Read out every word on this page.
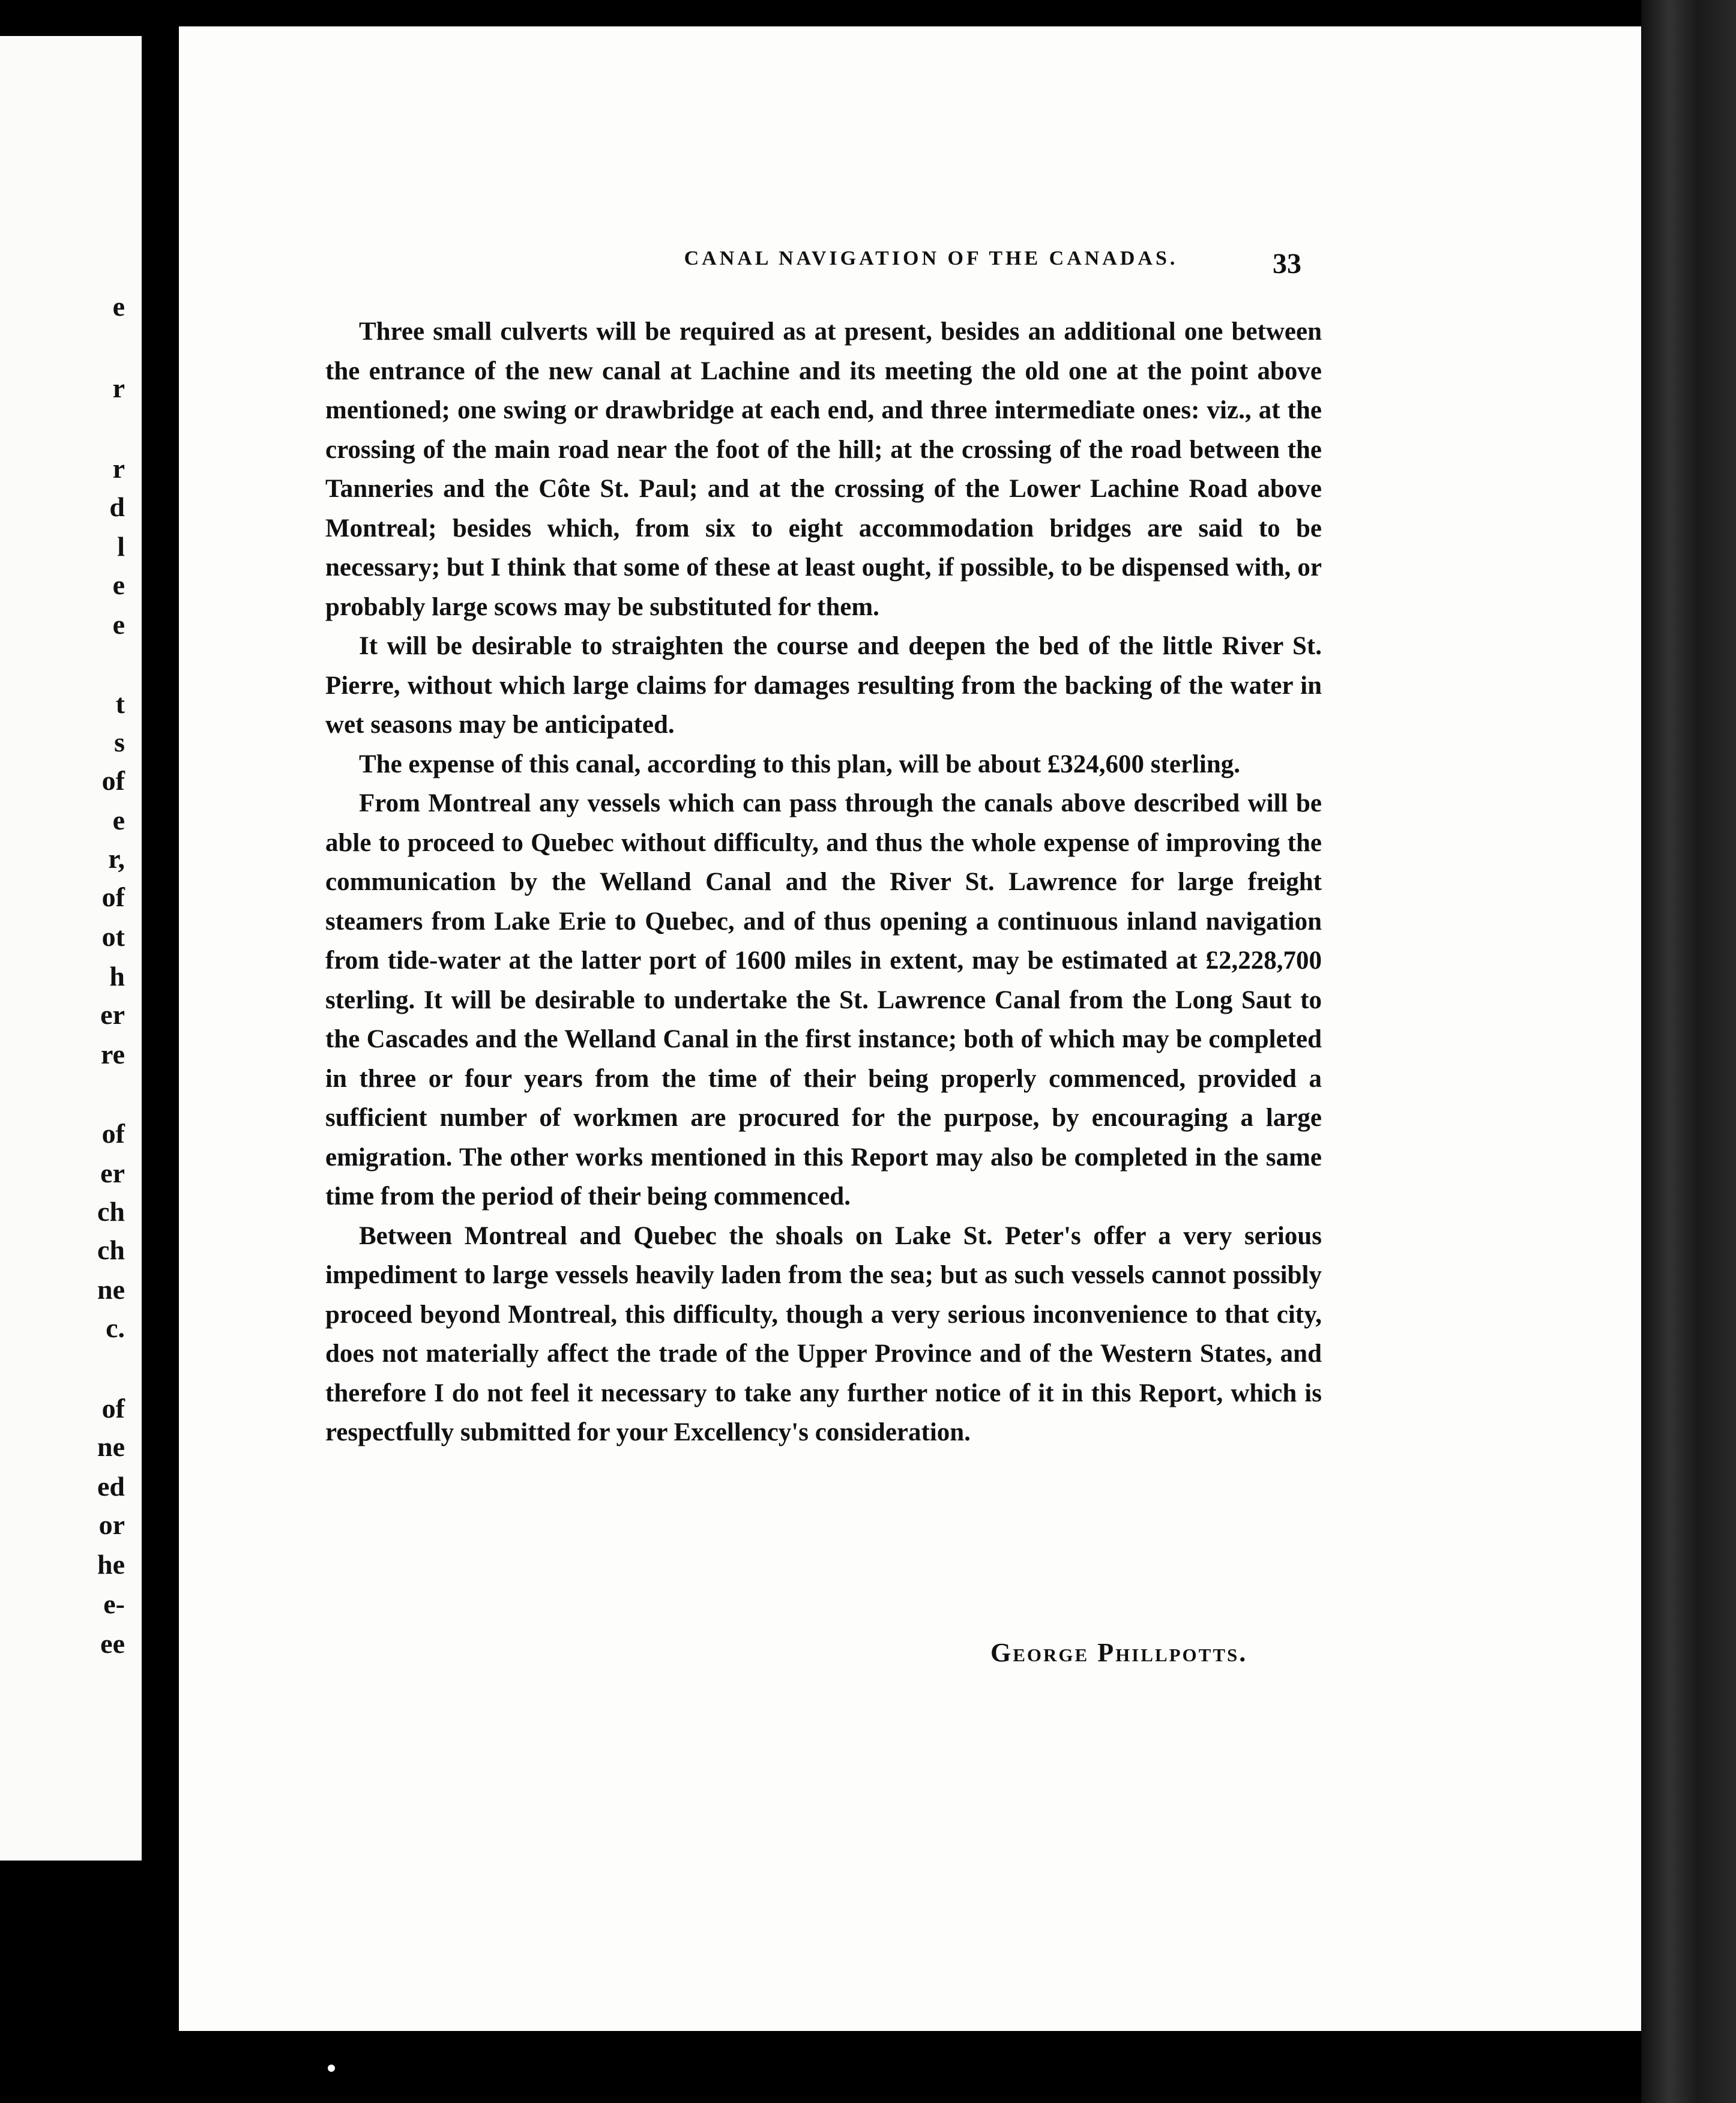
e
r
r
d
l
e
e
t
s
of
e
r,
of
ot
h
er
re
of
er
ch
ch
ne
c.
of
ne
ed
or
he
e-
ee
CANAL NAVIGATION OF THE CANADAS.	33

Three small culverts will be required as at present, besides an additional one between the entrance of the new canal at Lachine and its meeting the old one at the point above mentioned; one swing or drawbridge at each end, and three intermediate ones: viz., at the crossing of the main road near the foot of the hill; at the crossing of the road between the Tanneries and the Côte St. Paul; and at the crossing of the Lower Lachine Road above Montreal; besides which, from six to eight accommodation bridges are said to be necessary; but I think that some of these at least ought, if possible, to be dispensed with, or probably large scows may be substituted for them.

It will be desirable to straighten the course and deepen the bed of the little River St. Pierre, without which large claims for damages resulting from the backing of the water in wet seasons may be anticipated.

The expense of this canal, according to this plan, will be about £324,600 sterling.

From Montreal any vessels which can pass through the canals above described will be able to proceed to Quebec without difficulty, and thus the whole expense of improving the communication by the Welland Canal and the River St. Lawrence for large freight steamers from Lake Erie to Quebec, and of thus opening a continuous inland navigation from tide-water at the latter port of 1600 miles in extent, may be estimated at £2,228,700 sterling. It will be desirable to undertake the St. Lawrence Canal from the Long Saut to the Cascades and the Welland Canal in the first instance; both of which may be completed in three or four years from the time of their being properly commenced, provided a sufficient number of workmen are procured for the purpose, by encouraging a large emigration. The other works mentioned in this Report may also be completed in the same time from the period of their being commenced.

Between Montreal and Quebec the shoals on Lake St. Peter's offer a very serious impediment to large vessels heavily laden from the sea; but as such vessels cannot possibly proceed beyond Montreal, this difficulty, though a very serious inconvenience to that city, does not materially affect the trade of the Upper Province and of the Western States, and therefore I do not feel it necessary to take any further notice of it in this Report, which is respectfully submitted for your Excellency's consideration.

George Phillpotts.
